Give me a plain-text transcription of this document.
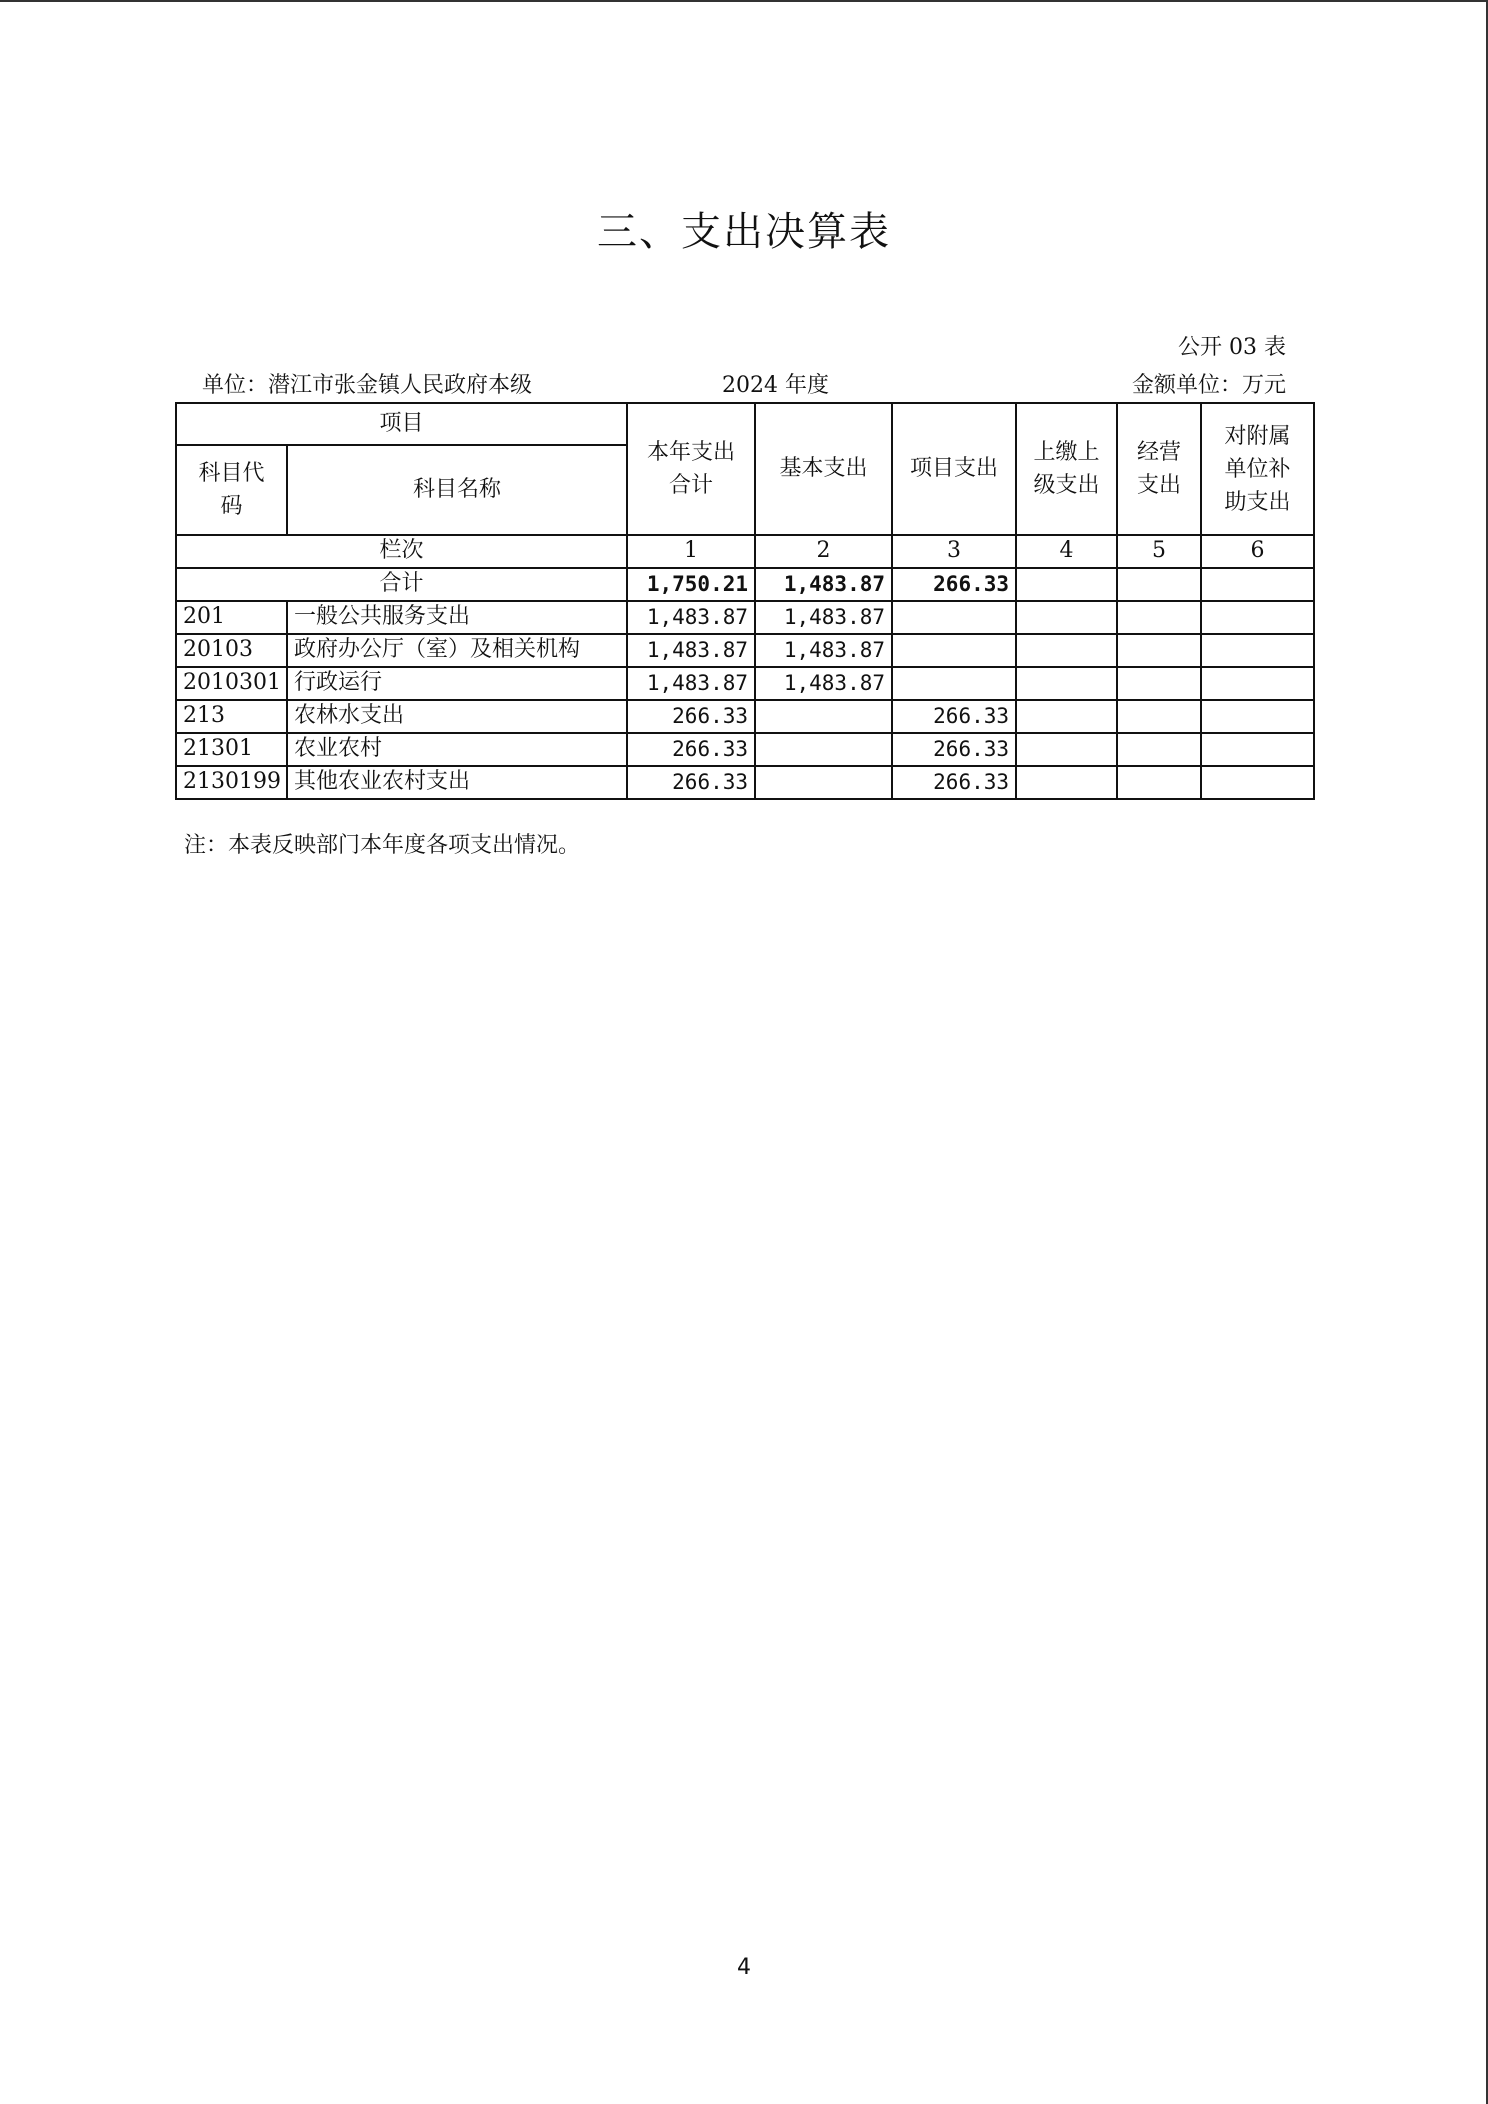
三、支出决算表
公开 03 表
单位：潜江市张金镇人民政府本级	2024 年度	金额单位：万元
项目		本年支出合计	基本支出	项目支出	上缴上级支出	经营支出	对附属单位补助支出

科目代码	科目名称						
栏次		1	2	3	4	5	6
合计		1,750.21	1,483.87	266.33			
201	一般公共服务支出	1,483.87	1,483.87				
20103	政府办公厅（室）及相关机构	1,483.87	1,483.87				
2010301	行政运行	1,483.87	1,483.87				
213	农林水支出	266.33		266.33			
21301	农业农村	266.33		266.33			
2130199	其他农业农村支出	266.33		266.33			
注：本表反映部门本年度各项支出情况。
4
